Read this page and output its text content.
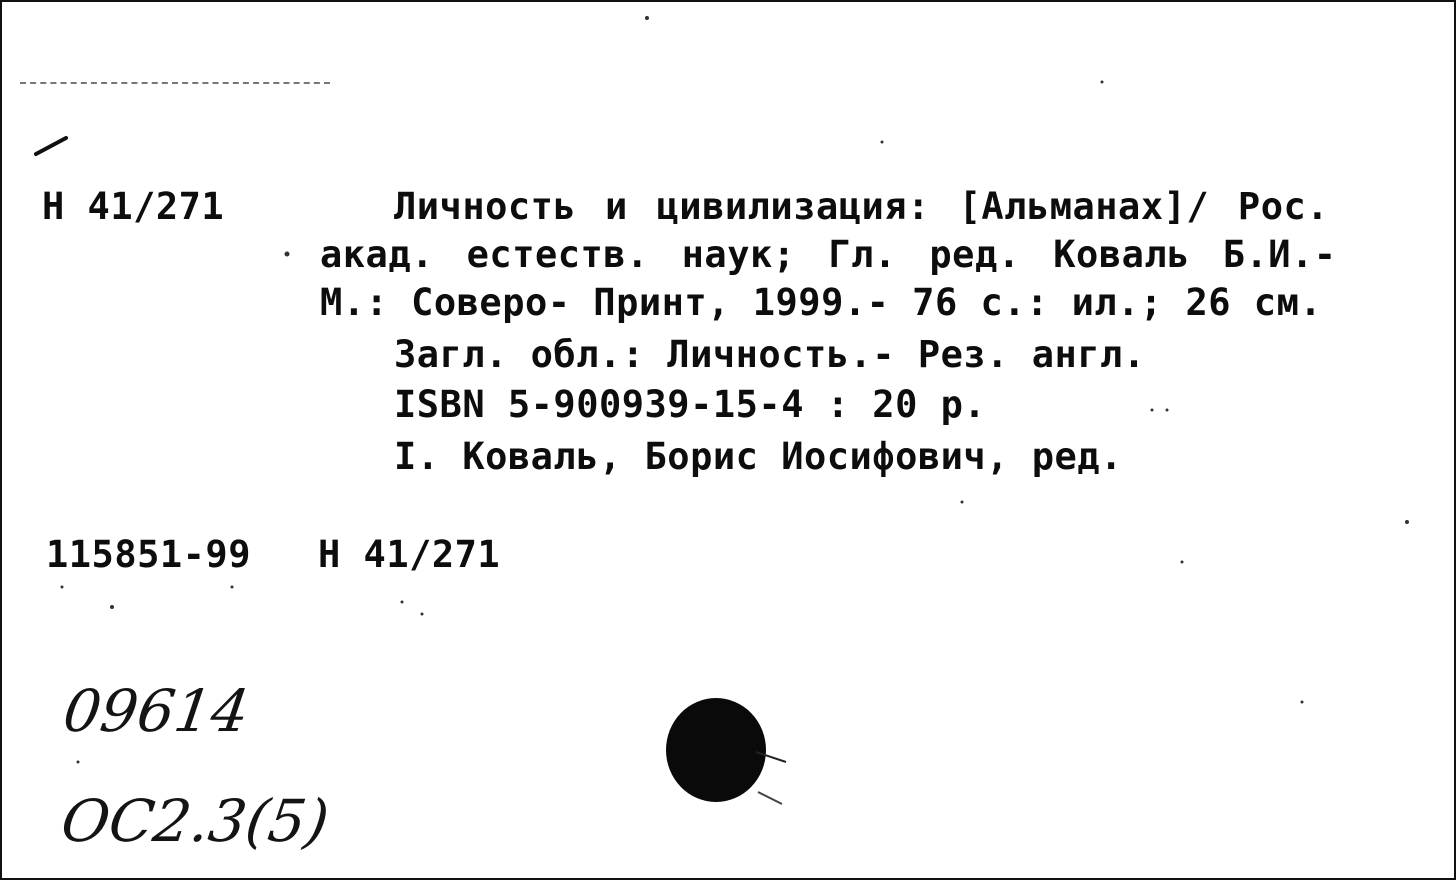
Н 41/271	Личность и цивилизация: [Альманах]/ Рос.
акад. естеств. наук; Гл. ред. Коваль Б.И.-
М.: Соверо- Принт, 1999.- 76 с.: ил.; 26 см.
Загл. обл.: Личность.- Рез. англ.
ISBN 5-900939-15-4 : 20 р.
I. Коваль, Борис Иосифович, ред.
115851-99 Н 41/271
09614
ОС2.3(5)
